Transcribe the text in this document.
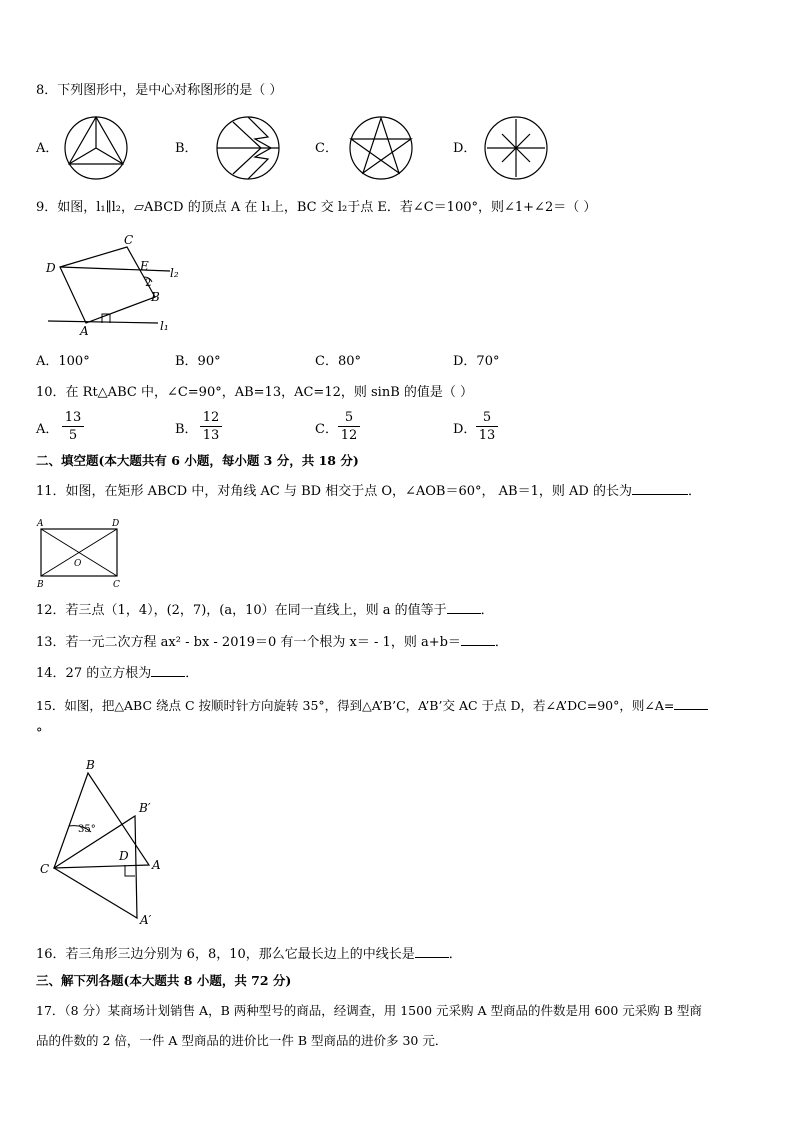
8．下列图形中，是中心对称图形的是（ ）
A．	B．	C．	D．
9．如图，l₁∥l₂，▱ABCD 的顶点 A 在 l₁上，BC 交 l₂于点 E．若∠C＝100°，则∠1+∠2＝（ ）
C
D	E l₂
2
B
A	l₁
A．100°	B．90°	C．80°	D．70°
10．在 Rt△ABC 中，∠C=90°，AB=13，AC=12，则 sinB 的值是（ ）
A．
13
5	B．
12
13	C．
5
12	D．
5
13
二、填空题(本大题共有 6 小题，每小题 3 分，共 18 分)
11．如图，在矩形 ABCD 中，对角线 AC 与 BD 相交于点 O，∠AOB＝60°， AB＝1，则 AD 的长为	．
A	D
B	C
O
12．若三点（1，4），(2，7)，(a，10）在同一直线上，则 a 的值等于	．
13．若一元二次方程 ax² - bx - 2019＝0 有一个根为 x＝ - 1，则 a+b＝	．
14．27 的立方根为	．
15．如图，把△ABC 绕点 C 按顺时针方向旋转 35°，得到△A’B’C，A’B’交 AC 于点 D，若∠A’DC=90°，则∠A=
°
B
B′
35°
C
D
A
A′
16．若三角形三边分别为 6，8，10，那么它最长边上的中线长是	．
三、解下列各题(本大题共 8 小题，共 72 分)
17．（8 分）某商场计划销售 A，B 两种型号的商品，经调查，用 1500 元采购 A 型商品的件数是用 600 元采购 B 型商
品的件数的 2 倍，一件 A 型商品的进价比一件 B 型商品的进价多 30 元．
